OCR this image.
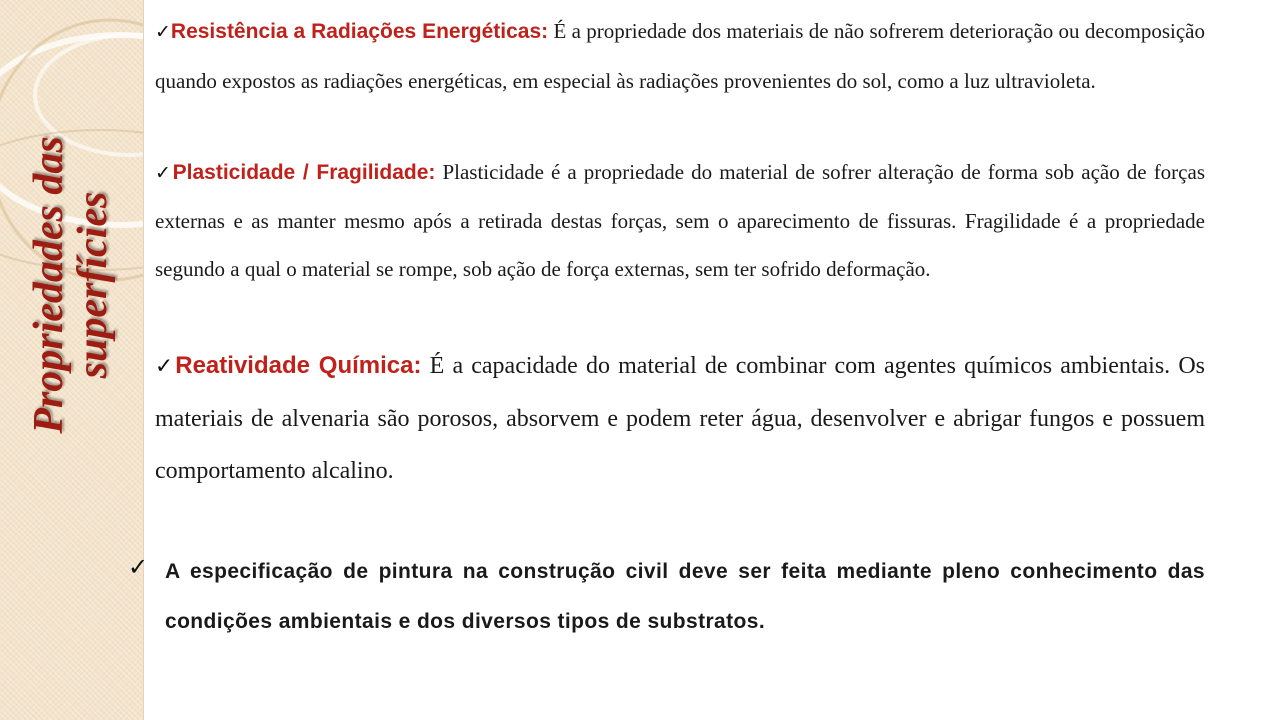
Propriedades das
superfícies

✓Resistência a Radiações Energéticas: É a propriedade dos materiais de não sofrerem deterioração ou decomposição quando expostos as radiações energéticas, em especial às radiações provenientes do sol, como a luz ultravioleta.

✓Plasticidade / Fragilidade: Plasticidade é a propriedade do material de sofrer alteração de forma sob ação de forças externas e as manter mesmo após a retirada destas forças, sem o aparecimento de fissuras. Fragilidade é a propriedade segundo a qual o material se rompe, sob ação de força externas, sem ter sofrido deformação.

✓Reatividade Química: É a capacidade do material de combinar com agentes químicos ambientais. Os materiais de alvenaria são porosos, absorvem e podem reter água, desenvolver e abrigar fungos e possuem comportamento alcalino.

✓ A especificação de pintura na construção civil deve ser feita mediante pleno conhecimento das condições ambientais e dos diversos tipos de substratos.
